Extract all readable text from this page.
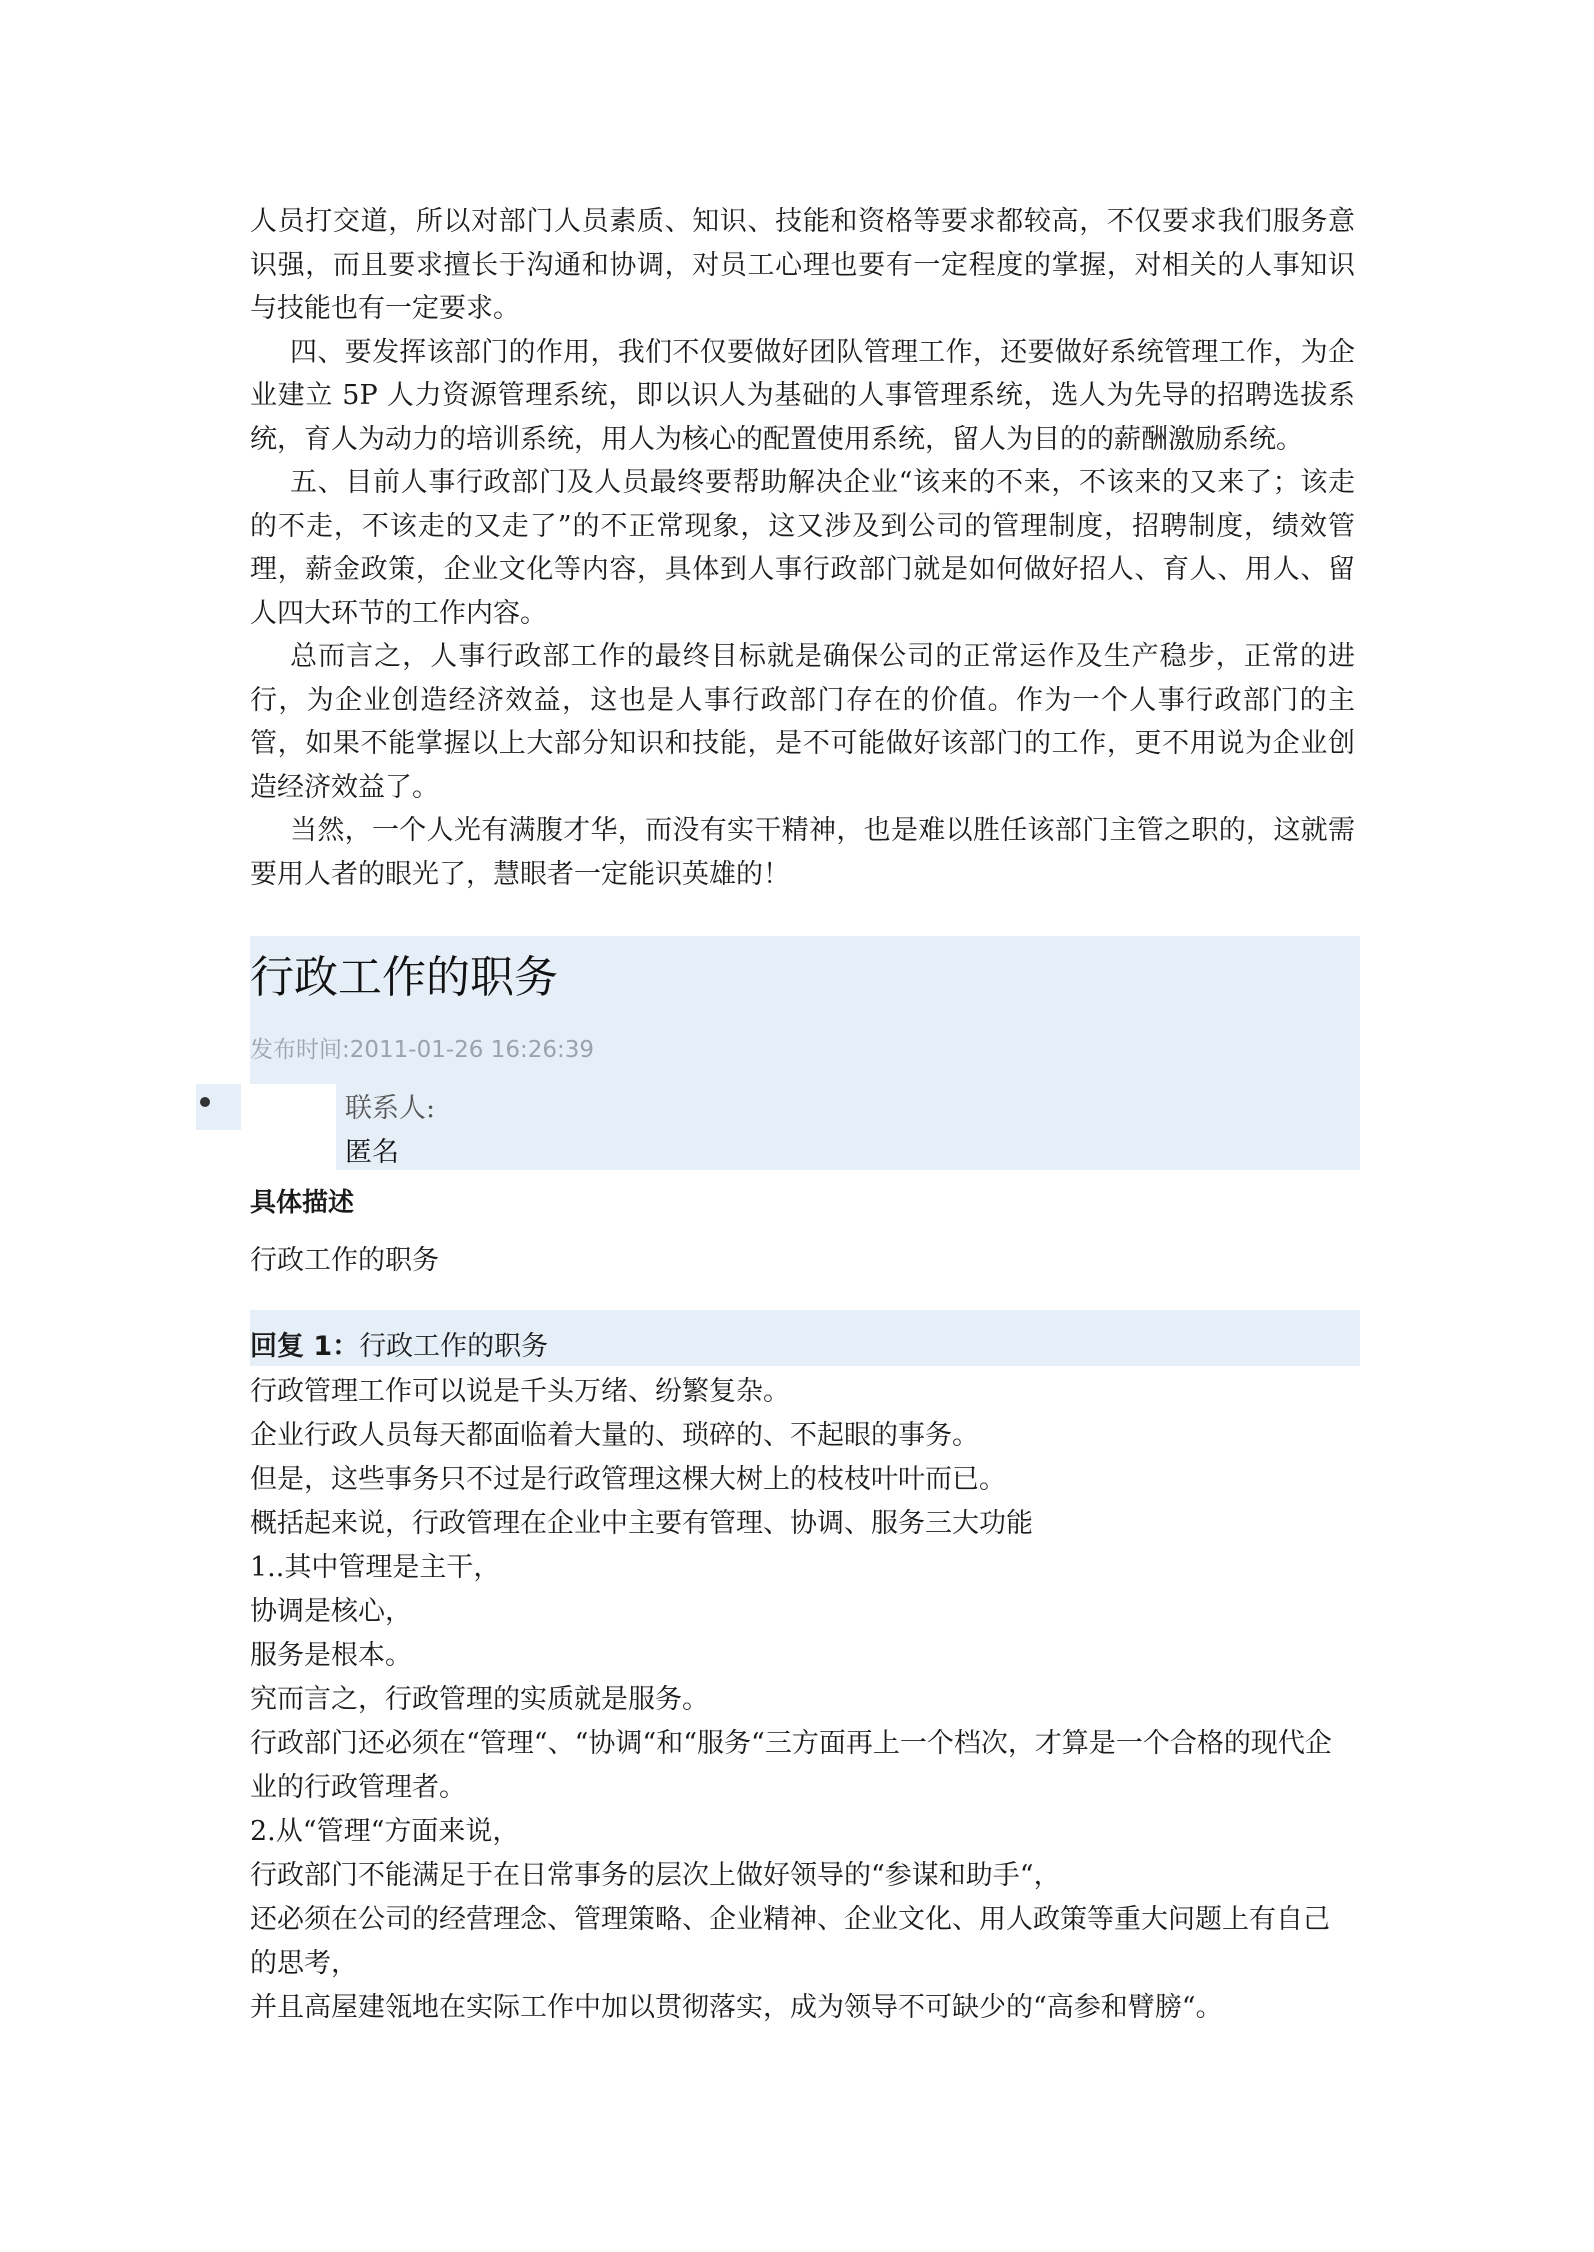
人员打交道，所以对部门人员素质、知识、技能和资格等要求都较高，不仅要求我们服务意识强，而且要求擅长于沟通和协调，对员工心理也要有一定程度的掌握，对相关的人事知识与技能也有一定要求。

四、要发挥该部门的作用，我们不仅要做好团队管理工作，还要做好系统管理工作，为企业建立 5P 人力资源管理系统，即以识人为基础的人事管理系统，选人为先导的招聘选拔系统，育人为动力的培训系统，用人为核心的配置使用系统，留人为目的的薪酬激励系统。

五、目前人事行政部门及人员最终要帮助解决企业“该来的不来，不该来的又来了；该走的不走，不该走的又走了”的不正常现象，这又涉及到公司的管理制度，招聘制度，绩效管理，薪金政策，企业文化等内容，具体到人事行政部门就是如何做好招人、育人、用人、留人四大环节的工作内容。

总而言之，人事行政部工作的最终目标就是确保公司的正常运作及生产稳步，正常的进行，为企业创造经济效益，这也是人事行政部门存在的价值。作为一个人事行政部门的主管，如果不能掌握以上大部分知识和技能，是不可能做好该部门的工作，更不用说为企业创造经济效益了。

当然，一个人光有满腹才华，而没有实干精神，也是难以胜任该部门主管之职的，这就需要用人者的眼光了，慧眼者一定能识英雄的！

行政工作的职务
发布时间:2011-01-26 16:26:39
联系人:
匿名
具体描述
行政工作的职务
回复 1：行政工作的职务
行政管理工作可以说是千头万绪、纷繁复杂。
企业行政人员每天都面临着大量的、琐碎的、不起眼的事务。
但是，这些事务只不过是行政管理这棵大树上的枝枝叶叶而已。
概括起来说，行政管理在企业中主要有管理、协调、服务三大功能
1..其中管理是主干，
协调是核心，
服务是根本。
究而言之，行政管理的实质就是服务。
行政部门还必须在“管理“、“协调“和“服务“三方面再上一个档次，才算是一个合格的现代企业的行政管理者。
2.从“管理“方面来说，
行政部门不能满足于在日常事务的层次上做好领导的“参谋和助手“，
还必须在公司的经营理念、管理策略、企业精神、企业文化、用人政策等重大问题上有自己的思考，
并且高屋建瓴地在实际工作中加以贯彻落实，成为领导不可缺少的“高参和臂膀“。
